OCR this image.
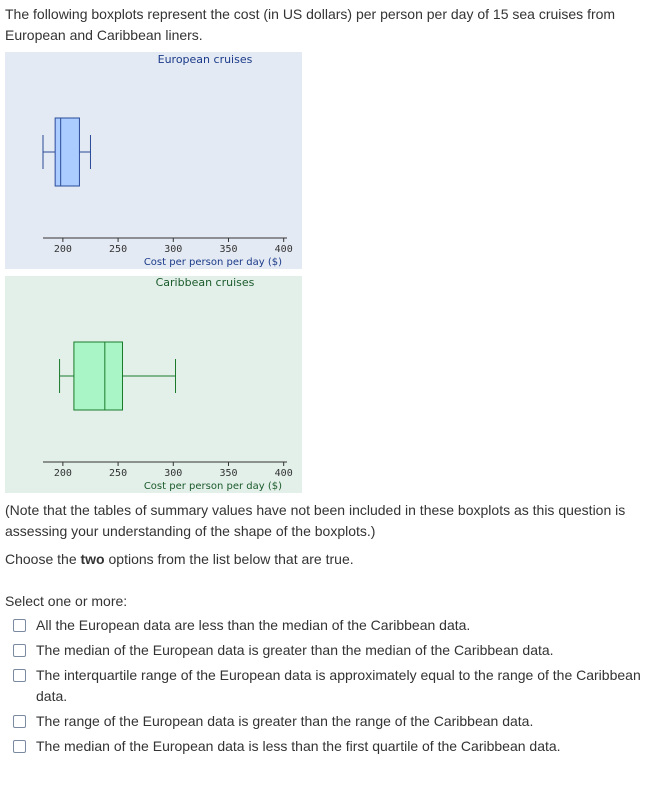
The following boxplots represent the cost (in US dollars) per person per day of 15 sea cruises from European and Caribbean liners.
European cruises
200	250	300	350	400
Cost per person per day ($)
Caribbean cruises
200	250	300	350	400
Cost per person per day ($)
(Note that the tables of summary values have not been included in these boxplots as this question is assessing your understanding of the shape of the boxplots.)
Choose the two options from the list below that are true.
Select one or more:
All the European data are less than the median of the Caribbean data.
The median of the European data is greater than the median of the Caribbean data.
The interquartile range of the European data is approximately equal to the range of the Caribbean data.
The range of the European data is greater than the range of the Caribbean data.
The median of the European data is less than the first quartile of the Caribbean data.
